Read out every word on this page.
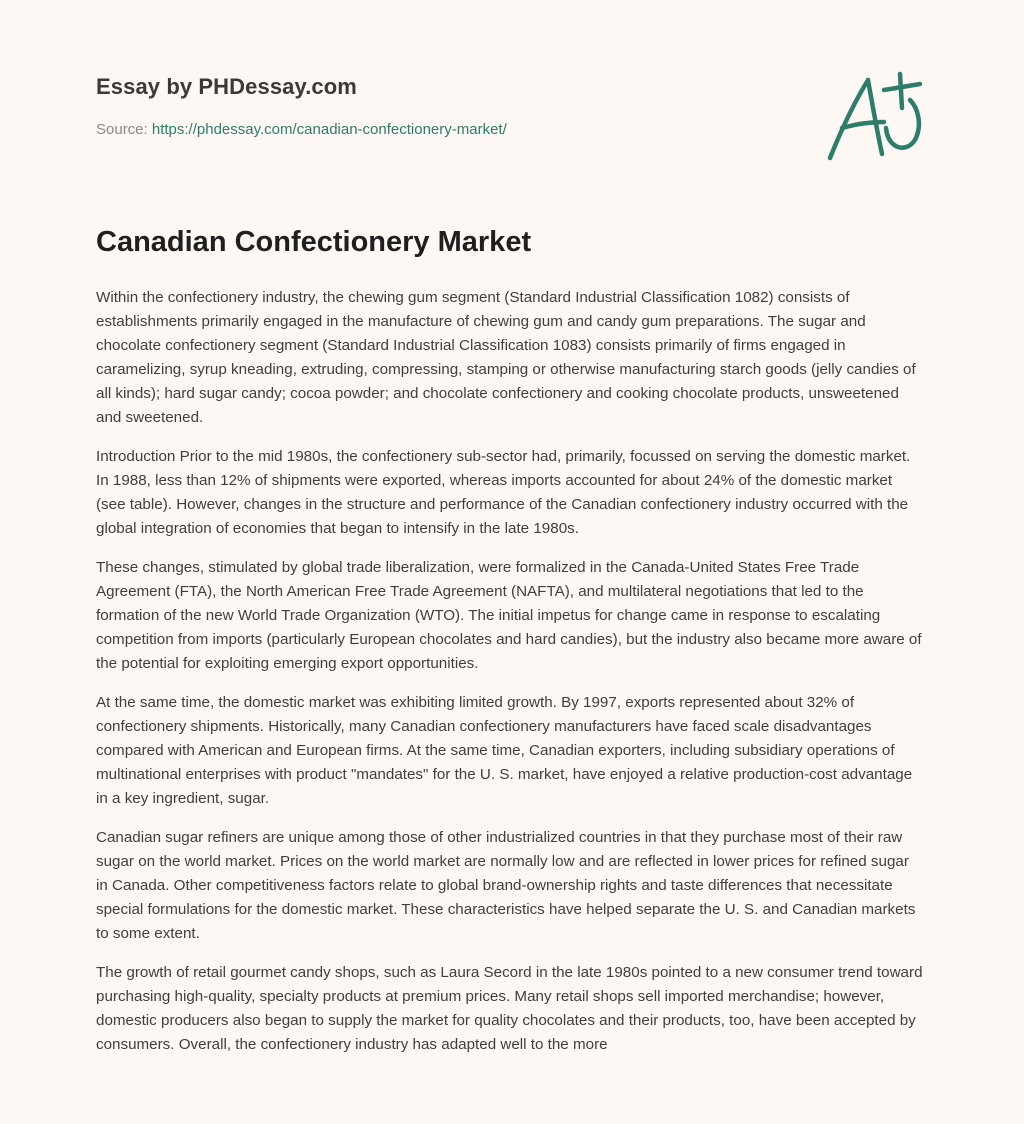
Essay by PHDessay.com
Source: https://phdessay.com/canadian-confectionery-market/
Canadian Confectionery Market

Within the confectionery industry, the chewing gum segment (Standard Industrial Classification 1082) consists of establishments primarily engaged in the manufacture of chewing gum and candy gum preparations. The sugar and chocolate confectionery segment (Standard Industrial Classification 1083) consists primarily of firms engaged in caramelizing, syrup kneading, extruding, compressing, stamping or otherwise manufacturing starch goods (jelly candies of all kinds); hard sugar candy; cocoa powder; and chocolate confectionery and cooking chocolate products, unsweetened and sweetened.

Introduction Prior to the mid 1980s, the confectionery sub-sector had, primarily, focussed on serving the domestic market. In 1988, less than 12% of shipments were exported, whereas imports accounted for about 24% of the domestic market (see table). However, changes in the structure and performance of the Canadian confectionery industry occurred with the global integration of economies that began to intensify in the late 1980s.

These changes, stimulated by global trade liberalization, were formalized in the Canada-United States Free Trade Agreement (FTA), the North American Free Trade Agreement (NAFTA), and multilateral negotiations that led to the formation of the new World Trade Organization (WTO). The initial impetus for change came in response to escalating competition from imports (particularly European chocolates and hard candies), but the industry also became more aware of the potential for exploiting emerging export opportunities.

At the same time, the domestic market was exhibiting limited growth. By 1997, exports represented about 32% of confectionery shipments. Historically, many Canadian confectionery manufacturers have faced scale disadvantages compared with American and European firms. At the same time, Canadian exporters, including subsidiary operations of multinational enterprises with product "mandates" for the U. S. market, have enjoyed a relative production-cost advantage in a key ingredient, sugar.

Canadian sugar refiners are unique among those of other industrialized countries in that they purchase most of their raw sugar on the world market. Prices on the world market are normally low and are reflected in lower prices for refined sugar in Canada. Other competitiveness factors relate to global brand-ownership rights and taste differences that necessitate special formulations for the domestic market. These characteristics have helped separate the U. S. and Canadian markets to some extent.

The growth of retail gourmet candy shops, such as Laura Secord in the late 1980s pointed to a new consumer trend toward purchasing high-quality, specialty products at premium prices. Many retail shops sell imported merchandise; however, domestic producers also began to supply the market for quality chocolates and their products, too, have been accepted by consumers. Overall, the confectionery industry has adapted well to the more
